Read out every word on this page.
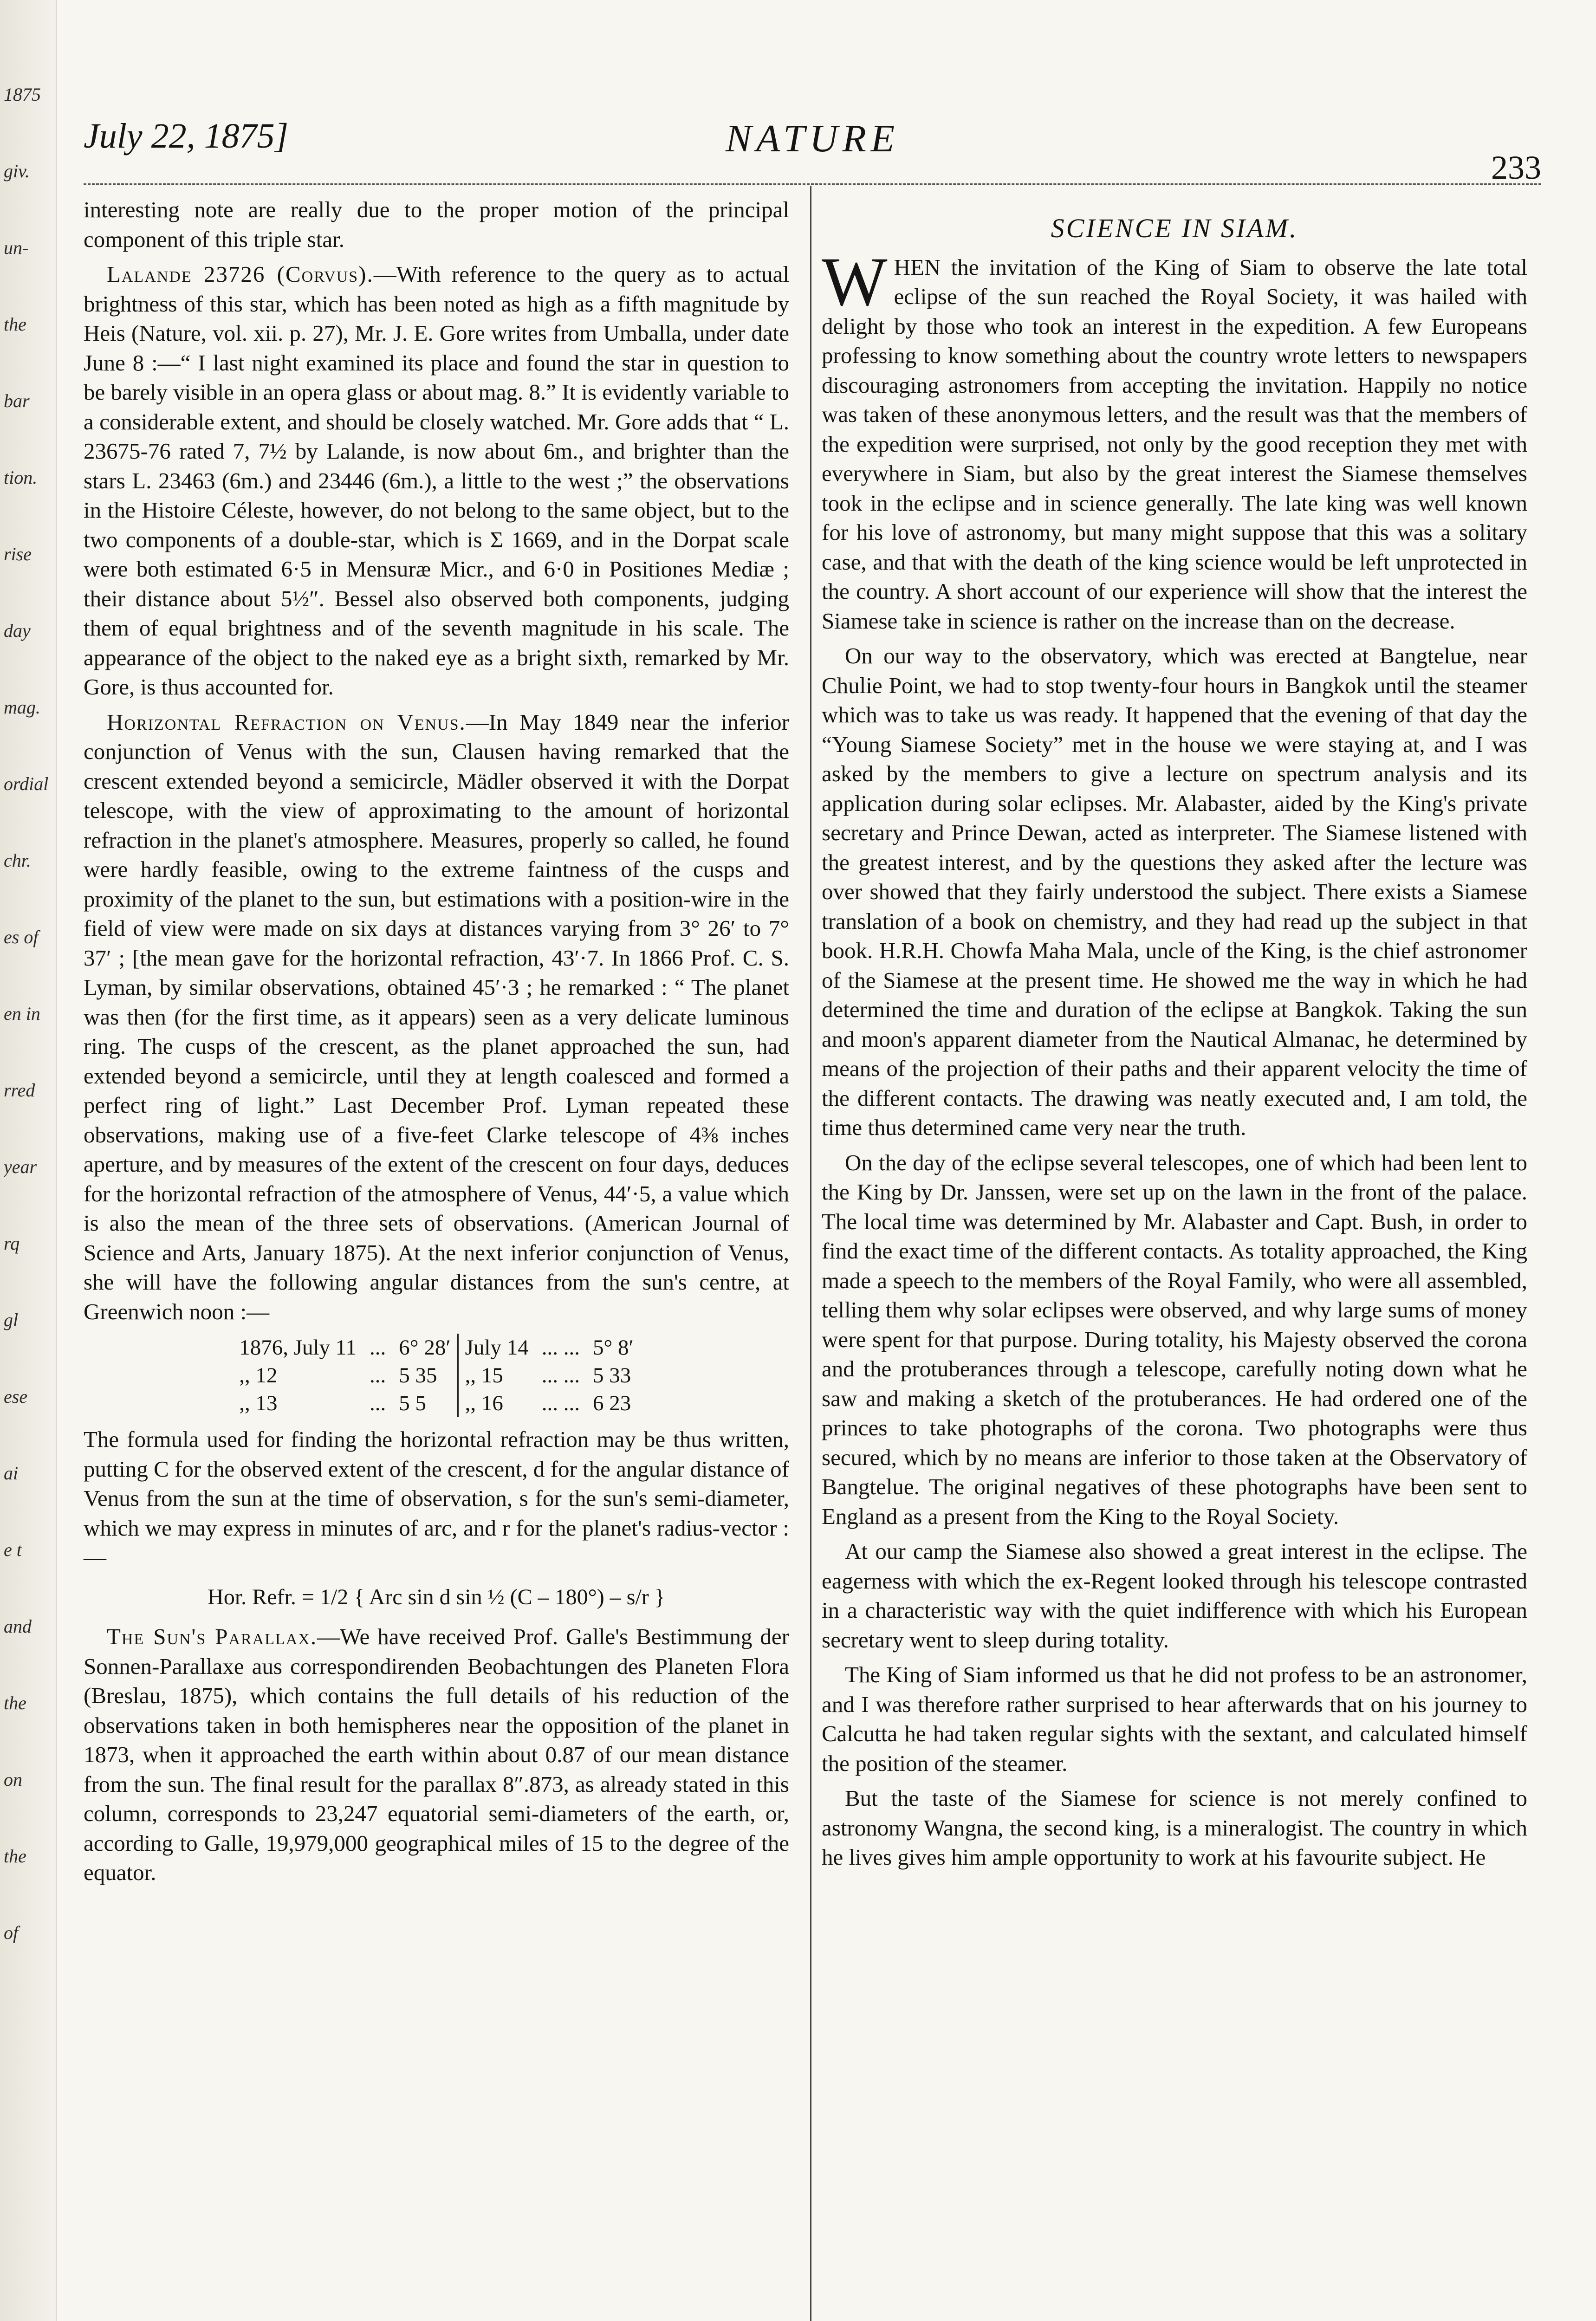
1875
giv.
un-
the
bar
tion.
rise
day
mag.
ordial
chr.
es of
en in
rred
year
rq
gl
ese
ai
e t
and
the
on
the
of
July 22, 1875]	NATURE
233

interesting note are really due to the proper motion of the principal component of this triple star.

Lalande 23726 (Corvus).—With reference to the query as to actual brightness of this star, which has been noted as high as a fifth magnitude by Heis (Nature, vol. xii. p. 27), Mr. J. E. Gore writes from Umballa, under date June 8 :—“ I last night examined its place and found the star in question to be barely visible in an opera glass or about mag. 8.” It is evidently variable to a considerable extent, and should be closely watched. Mr. Gore adds that “ L. 23675-76 rated 7, 7½ by Lalande, is now about 6m., and brighter than the stars L. 23463 (6m.) and 23446 (6m.), a little to the west ;” the observations in the Histoire Céleste, however, do not belong to the same object, but to the two components of a double-star, which is Σ 1669, and in the Dorpat scale were both estimated 6·5 in Mensuræ Micr., and 6·0 in Positiones Mediæ ; their distance about 5½″. Bessel also observed both components, judging them of equal brightness and of the seventh magnitude in his scale. The appearance of the object to the naked eye as a bright sixth, remarked by Mr. Gore, is thus accounted for.

Horizontal Refraction on Venus.—In May 1849 near the inferior conjunction of Venus with the sun, Clausen having remarked that the crescent extended beyond a semicircle, Mädler observed it with the Dorpat telescope, with the view of approximating to the amount of horizontal refraction in the planet's atmosphere. Measures, properly so called, he found were hardly feasible, owing to the extreme faintness of the cusps and proximity of the planet to the sun, but estimations with a position-wire in the field of view were made on six days at distances varying from 3° 26′ to 7° 37′ ; [the mean gave for the horizontal refraction, 43′·7. In 1866 Prof. C. S. Lyman, by similar observations, obtained 45′·3 ; he remarked : “ The planet was then (for the first time, as it appears) seen as a very delicate luminous ring. The cusps of the crescent, as the planet approached the sun, had extended beyond a semicircle, until they at length coalesced and formed a perfect ring of light.” Last December Prof. Lyman repeated these observations, making use of a five-feet Clarke telescope of 4⅜ inches aperture, and by measures of the extent of the crescent on four days, deduces for the horizontal refraction of the atmosphere of Venus, 44′·5, a value which is also the mean of the three sets of observations. (American Journal of Science and Arts, January 1875). At the next inferior conjunction of Venus, she will have the following angular distances from the sun's centre, at Greenwich noon :—

1876, July 11	...	6° 28′		July 14	... ...	5° 8′
,, 12	...	5 35		,, 15	... ...	5 33
,, 13	...	5 5		,, 16	... ...	6 23

The formula used for finding the horizontal refraction may be thus written, putting C for the observed extent of the crescent, d for the angular distance of Venus from the sun at the time of observation, s for the sun's semi-diameter, which we may express in minutes of arc, and r for the planet's radius-vector :—

Hor. Refr. = 1/2 { Arc sin d sin ½ (C – 180°) – s/r }

The Sun's Parallax.—We have received Prof. Galle's Bestimmung der Sonnen-Parallaxe aus correspondirenden Beobachtungen des Planeten Flora (Breslau, 1875), which contains the full details of his reduction of the observations taken in both hemispheres near the opposition of the planet in 1873, when it approached the earth within about 0.87 of our mean distance from the sun. The final result for the parallax 8″.873, as already stated in this column, corresponds to 23,247 equatorial semi-diameters of the earth, or, according to Galle, 19,979,000 geographical miles of 15 to the degree of the equator.

SCIENCE IN SIAM.

WHEN the invitation of the King of Siam to observe the late total eclipse of the sun reached the Royal Society, it was hailed with delight by those who took an interest in the expedition. A few Europeans professing to know something about the country wrote letters to newspapers discouraging astronomers from accepting the invitation. Happily no notice was taken of these anonymous letters, and the result was that the members of the expedition were surprised, not only by the good reception they met with everywhere in Siam, but also by the great interest the Siamese themselves took in the eclipse and in science generally. The late king was well known for his love of astronomy, but many might suppose that this was a solitary case, and that with the death of the king science would be left unprotected in the country. A short account of our experience will show that the interest the Siamese take in science is rather on the increase than on the decrease.

On our way to the observatory, which was erected at Bangtelue, near Chulie Point, we had to stop twenty-four hours in Bangkok until the steamer which was to take us was ready. It happened that the evening of that day the “Young Siamese Society” met in the house we were staying at, and I was asked by the members to give a lecture on spectrum analysis and its application during solar eclipses. Mr. Alabaster, aided by the King's private secretary and Prince Dewan, acted as interpreter. The Siamese listened with the greatest interest, and by the questions they asked after the lecture was over showed that they fairly understood the subject. There exists a Siamese translation of a book on chemistry, and they had read up the subject in that book. H.R.H. Chowfa Maha Mala, uncle of the King, is the chief astronomer of the Siamese at the present time. He showed me the way in which he had determined the time and duration of the eclipse at Bangkok. Taking the sun and moon's apparent diameter from the Nautical Almanac, he determined by means of the projection of their paths and their apparent velocity the time of the different contacts. The drawing was neatly executed and, I am told, the time thus determined came very near the truth.

On the day of the eclipse several telescopes, one of which had been lent to the King by Dr. Janssen, were set up on the lawn in the front of the palace. The local time was determined by Mr. Alabaster and Capt. Bush, in order to find the exact time of the different contacts. As totality approached, the King made a speech to the members of the Royal Family, who were all assembled, telling them why solar eclipses were observed, and why large sums of money were spent for that purpose. During totality, his Majesty observed the corona and the protuberances through a telescope, carefully noting down what he saw and making a sketch of the protuberances. He had ordered one of the princes to take photographs of the corona. Two photographs were thus secured, which by no means are inferior to those taken at the Observatory of Bangtelue. The original negatives of these photographs have been sent to England as a present from the King to the Royal Society.

At our camp the Siamese also showed a great interest in the eclipse. The eagerness with which the ex-Regent looked through his telescope contrasted in a characteristic way with the quiet indifference with which his European secretary went to sleep during totality.

The King of Siam informed us that he did not profess to be an astronomer, and I was therefore rather surprised to hear afterwards that on his journey to Calcutta he had taken regular sights with the sextant, and calculated himself the position of the steamer.

But the taste of the Siamese for science is not merely confined to astronomy Wangna, the second king, is a mineralogist. The country in which he lives gives him ample opportunity to work at his favourite subject. He
